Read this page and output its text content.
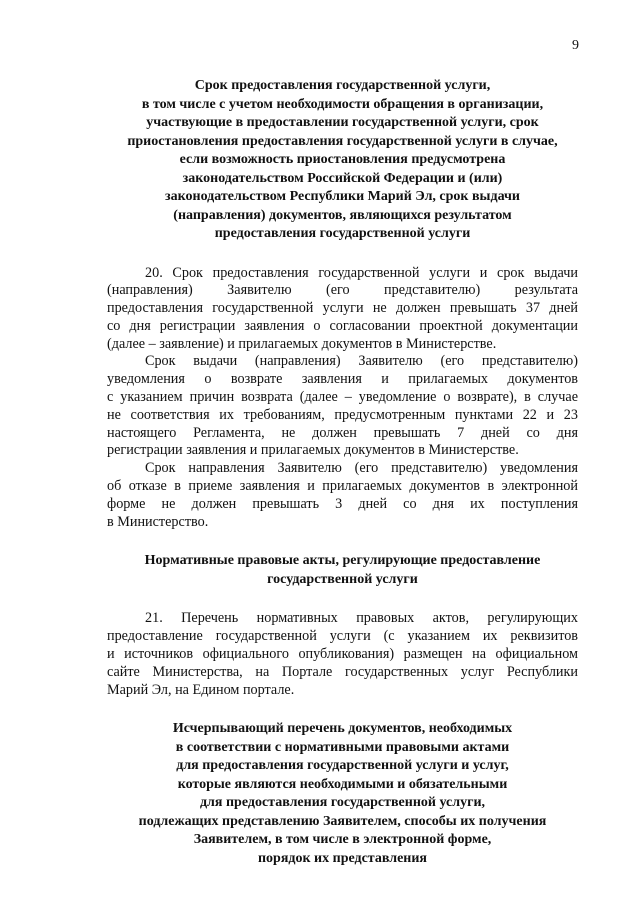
9
Срок предоставления государственной услуги,
в том числе с учетом необходимости обращения в организации,
участвующие в предоставлении государственной услуги, срок
приостановления предоставления государственной услуги в случае,
если возможность приостановления предусмотрена
законодательством Российской Федерации и (или)
законодательством Республики Марий Эл, срок выдачи
(направления) документов, являющихся результатом
предоставления государственной услуги
20. Срок предоставления государственной услуги и срок выдачи
(направления) Заявителю (его представителю) результата
предоставления государственной услуги не должен превышать 37 дней
со дня регистрации заявления о согласовании проектной документации
(далее – заявление) и прилагаемых документов в Министерстве.
Срок выдачи (направления) Заявителю (его представителю)
уведомления о возврате заявления и прилагаемых документов
с указанием причин возврата (далее – уведомление о возврате), в случае
не соответствия их требованиям, предусмотренным пунктами 22 и 23
настоящего Регламента, не должен превышать 7 дней со дня
регистрации заявления и прилагаемых документов в Министерстве.
Срок направления Заявителю (его представителю) уведомления
об отказе в приеме заявления и прилагаемых документов в электронной
форме не должен превышать 3 дней со дня их поступления
в Министерство.
Нормативные правовые акты, регулирующие предоставление
государственной услуги
21. Перечень нормативных правовых актов, регулирующих
предоставление государственной услуги (с указанием их реквизитов
и источников официального опубликования) размещен на официальном
сайте Министерства, на Портале государственных услуг Республики
Марий Эл, на Едином портале.
Исчерпывающий перечень документов, необходимых
в соответствии с нормативными правовыми актами
для предоставления государственной услуги и услуг,
которые являются необходимыми и обязательными
для предоставления государственной услуги,
подлежащих представлению Заявителем, способы их получения
Заявителем, в том числе в электронной форме,
порядок их представления
